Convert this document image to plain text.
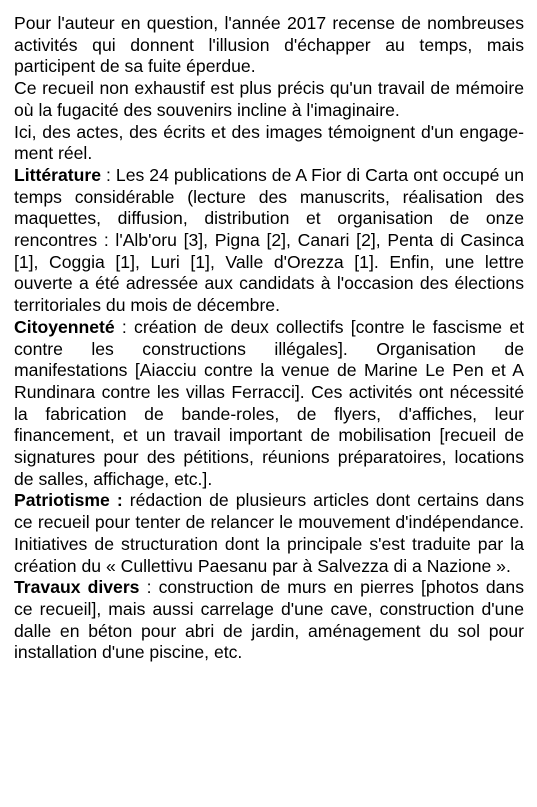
Pour l'auteur en question, l'année 2017 recense de nombreuses activités qui donnent l'illusion d'échapper au temps, mais participent de sa fuite éperdue.

Ce recueil non exhaustif est plus précis qu'un travail de mémoire où la fugacité des souvenirs incline à l'imaginaire.

Ici, des actes, des écrits et des images témoignent d'un engage-ment réel.

Littérature : Les 24 publications de A Fior di Carta ont occupé un temps considérable (lecture des manuscrits, réalisation des maquettes, diffusion, distribution et organisation de onze rencontres : l'Alb'oru [3], Pigna [2], Canari [2], Penta di Casinca [1], Coggia [1], Luri [1], Valle d'Orezza [1]. Enfin, une lettre ouverte a été adressée aux candidats à l'occasion des élections territoriales du mois de décembre.

Citoyenneté : création de deux collectifs [contre le fascisme et contre les constructions illégales]. Organisation de manifestations [Aiacciu contre la venue de Marine Le Pen et A Rundinara contre les villas Ferracci]. Ces activités ont nécessité la fabrication de bande-roles, de flyers, d'affiches, leur financement, et un travail important de mobilisation [recueil de signatures pour des pétitions, réunions préparatoires, locations de salles, affichage, etc.].

Patriotisme : rédaction de plusieurs articles dont certains dans ce recueil pour tenter de relancer le mouvement d'indépendance. Initiatives de structuration dont la principale s'est traduite par la création du « Cullettivu Paesanu par à Salvezza di a Nazione ».

Travaux divers : construction de murs en pierres [photos dans ce recueil], mais aussi carrelage d'une cave, construction d'une dalle en béton pour abri de jardin, aménagement du sol pour installation d'une piscine, etc.
